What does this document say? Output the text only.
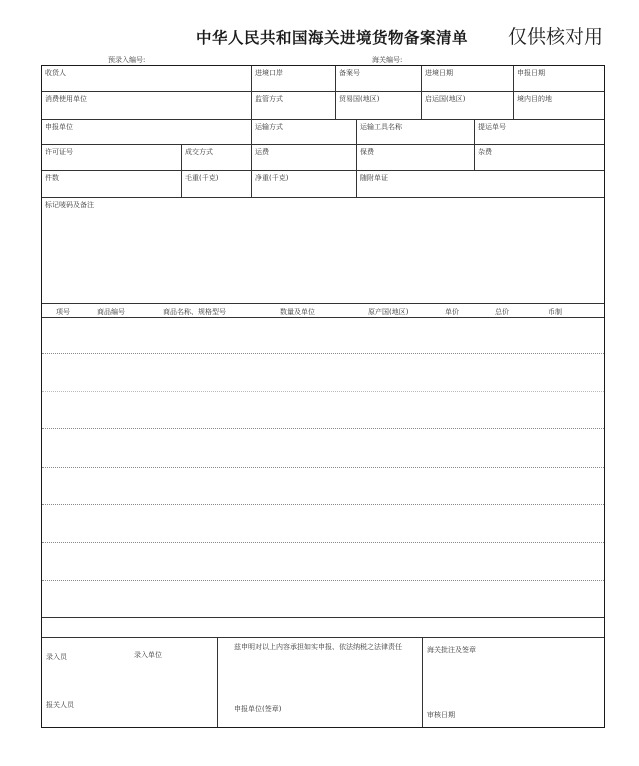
中华人民共和国海关进境货物备案清单 仅供核对用
预录入编号:	海关编号:
收货人	进境口岸	备案号	进境日期	申报日期
消费使用单位	监管方式	贸易国(地区)	启运国(地区)	境内目的地
申报单位	运输方式	运输工具名称	提运单号
许可证号	成交方式	运费	保费	杂费
件数	毛重(千克)	净重(千克)	随附单证
标记唛码及备注
项号	商品编号	商品名称、规格型号	数量及单位	原产国(地区)	单价	总价	币制
录入员	录入单位
报关人员
兹申明对以上内容承担如实申报、依法纳税之法律责任
申报单位(签章)
海关批注及签章
审核日期
